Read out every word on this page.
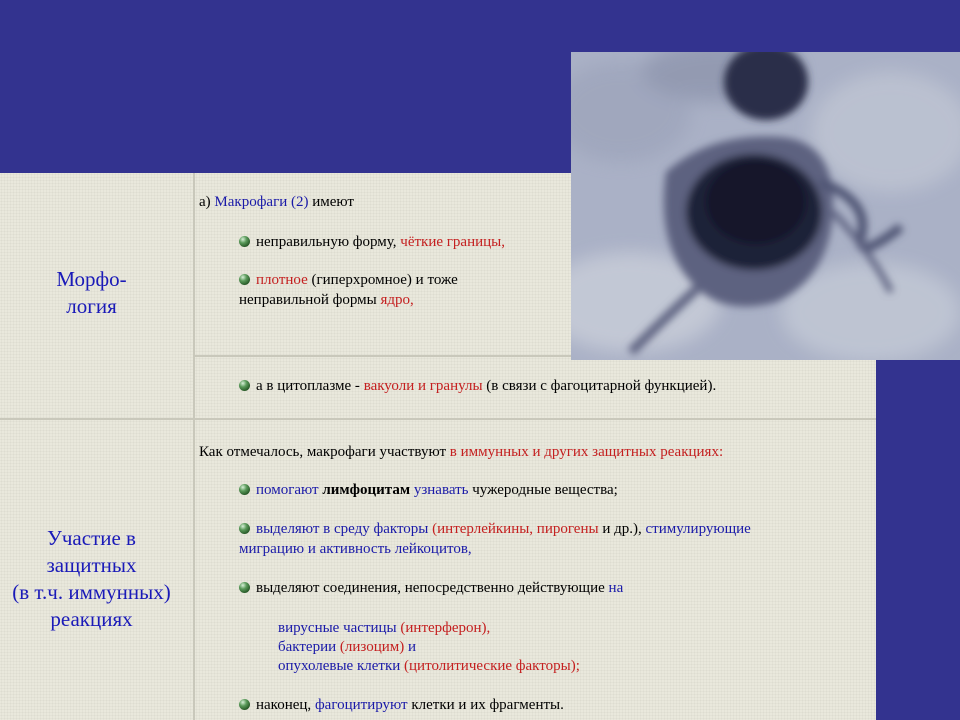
Морфо-
логия
Участие в
защитных
(в т.ч. иммунных)
реакциях
а) Макрофаги (2) имеют
неправильную форму, чёткие границы,
плотное (гиперхромное) и тоже
неправильной формы ядро,
а в цитоплазме - вакуоли и гранулы (в связи с фагоцитарной функцией).
Как отмечалось, макрофаги участвуют в иммунных и других защитных реакциях:
помогают лимфоцитам узнавать чужеродные вещества;
выделяют в среду факторы (интерлейкины, пирогены и др.), стимулирующие
миграцию и активность лейкоцитов,
выделяют соединения, непосредственно действующие на
вирусные частицы (интерферон),
бактерии (лизоцим) и
опухолевые клетки (цитолитические факторы);
наконец, фагоцитируют клетки и их фрагменты.
